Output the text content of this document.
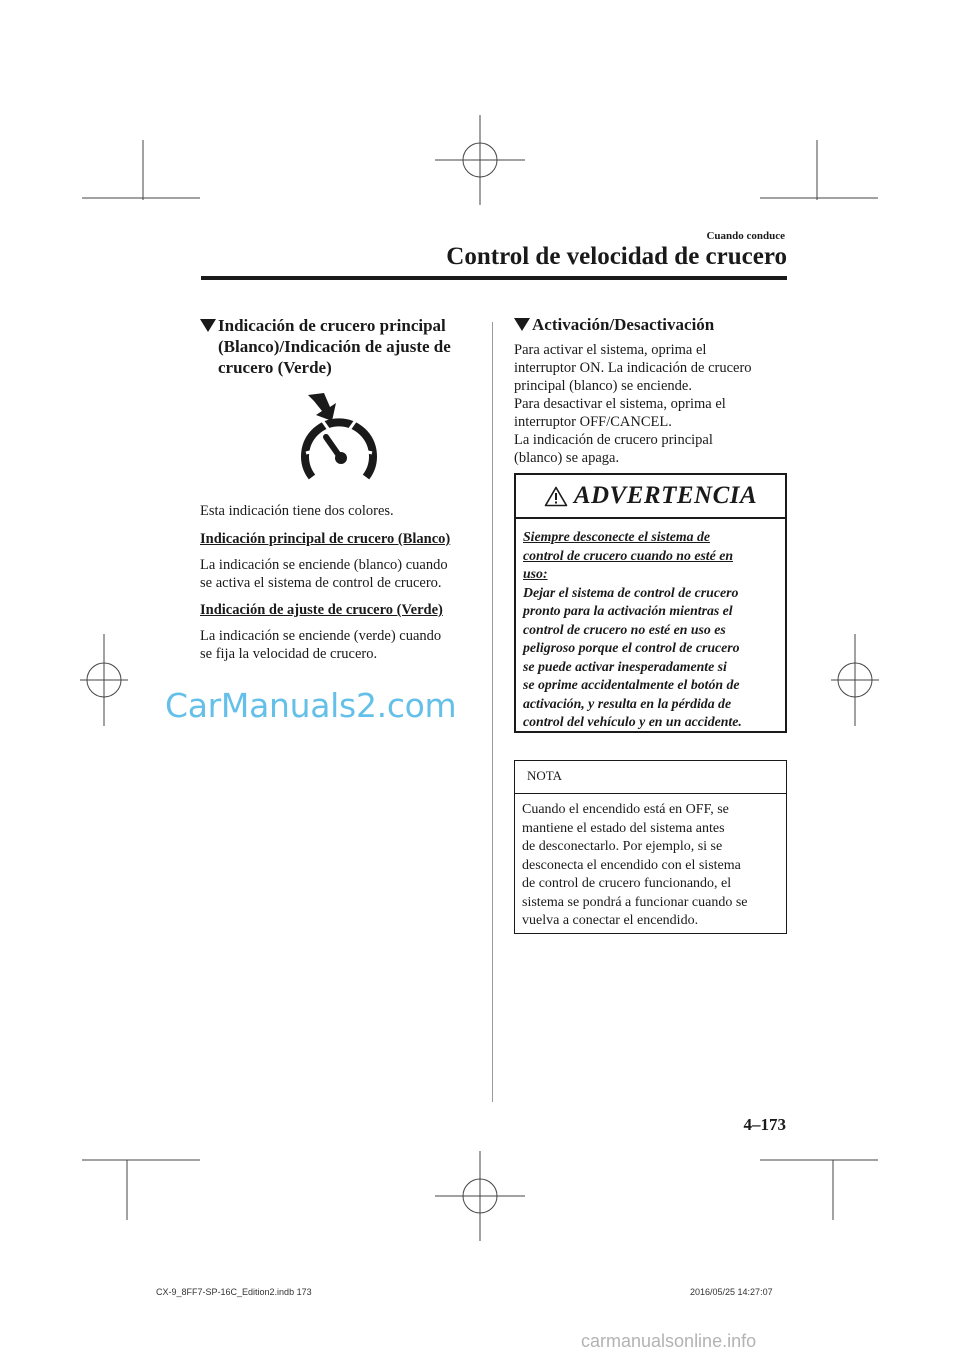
Cuando conduce
Control de velocidad de crucero
Indicación de crucero principal
(Blanco)/Indicación de ajuste de
crucero (Verde)
Esta indicación tiene dos colores.
Indicación principal de crucero (Blanco)
La indicación se enciende (blanco) cuando
se activa el sistema de control de crucero.
Indicación de ajuste de crucero (Verde)
La indicación se enciende (verde) cuando
se fija la velocidad de crucero.
Activación/Desactivación
Para activar el sistema, oprima el
interruptor ON. La indicación de crucero
principal (blanco) se enciende.
Para desactivar el sistema, oprima el
interruptor OFF/CANCEL.
La indicación de crucero principal
(blanco) se apaga.
ADVERTENCIA
Siempre desconecte el sistema de
control de crucero cuando no esté en
uso:
Dejar el sistema de control de crucero
pronto para la activación mientras el
control de crucero no esté en uso es
peligroso porque el control de crucero
se puede activar inesperadamente si
se oprime accidentalmente el botón de
activación, y resulta en la pérdida de
control del vehículo y en un accidente.
NOTA
Cuando el encendido está en OFF, se
mantiene el estado del sistema antes
de desconectarlo. Por ejemplo, si se
desconecta el encendido con el sistema
de control de crucero funcionando, el
sistema se pondrá a funcionar cuando se
vuelva a conectar el encendido.
4–173
CX-9_8FF7-SP-16C_Edition2.indb 173	2016/05/25 14:27:07
CarManuals2.com
carmanualsonline.info
